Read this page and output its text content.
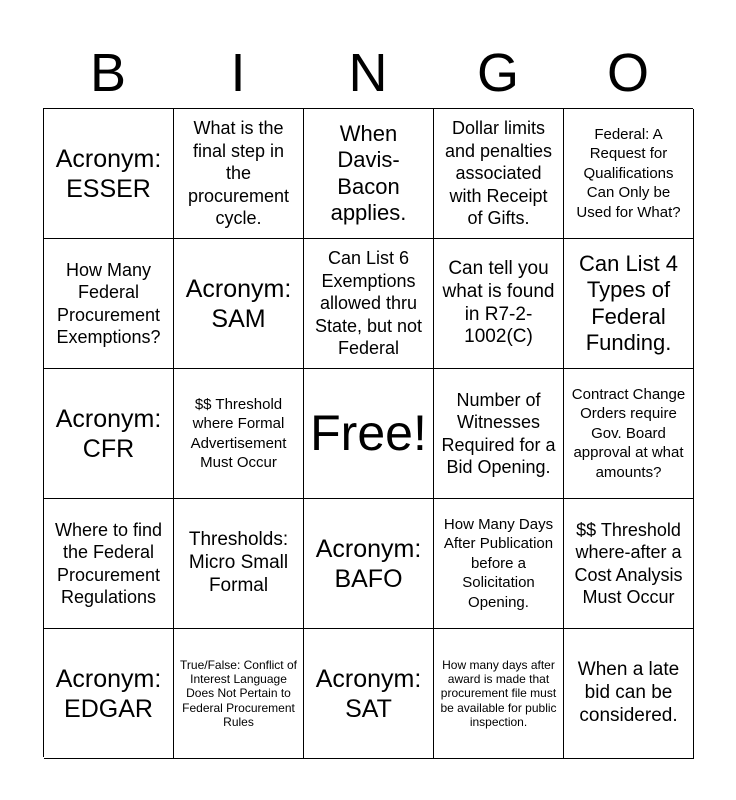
B	I	N	G	O
Acronym: ESSER
What is the final step in the procurement cycle.
When Davis-Bacon applies.
Dollar limits and penalties associated with Receipt of Gifts.
Federal: A Request for Qualifications Can Only be Used for What?
How Many Federal Procurement Exemptions?
Acronym: SAM
Can List 6 Exemptions allowed thru State, but not Federal
Can tell you what is found in R7-2-1002(C)
Can List 4 Types of Federal Funding.
Acronym: CFR
$$ Threshold where Formal Advertisement Must Occur
Free!
Number of Witnesses Required for a Bid Opening.
Contract Change Orders require Gov. Board approval at what amounts?
Where to find the Federal Procurement Regulations
Thresholds: Micro Small Formal
Acronym: BAFO
How Many Days After Publication before a Solicitation Opening.
$$ Threshold where-after a Cost Analysis Must Occur
Acronym: EDGAR
True/False: Conflict of Interest Language Does Not Pertain to Federal Procurement Rules
Acronym: SAT
How many days after award is made that procurement file must be available for public inspection.
When a late bid can be considered.
